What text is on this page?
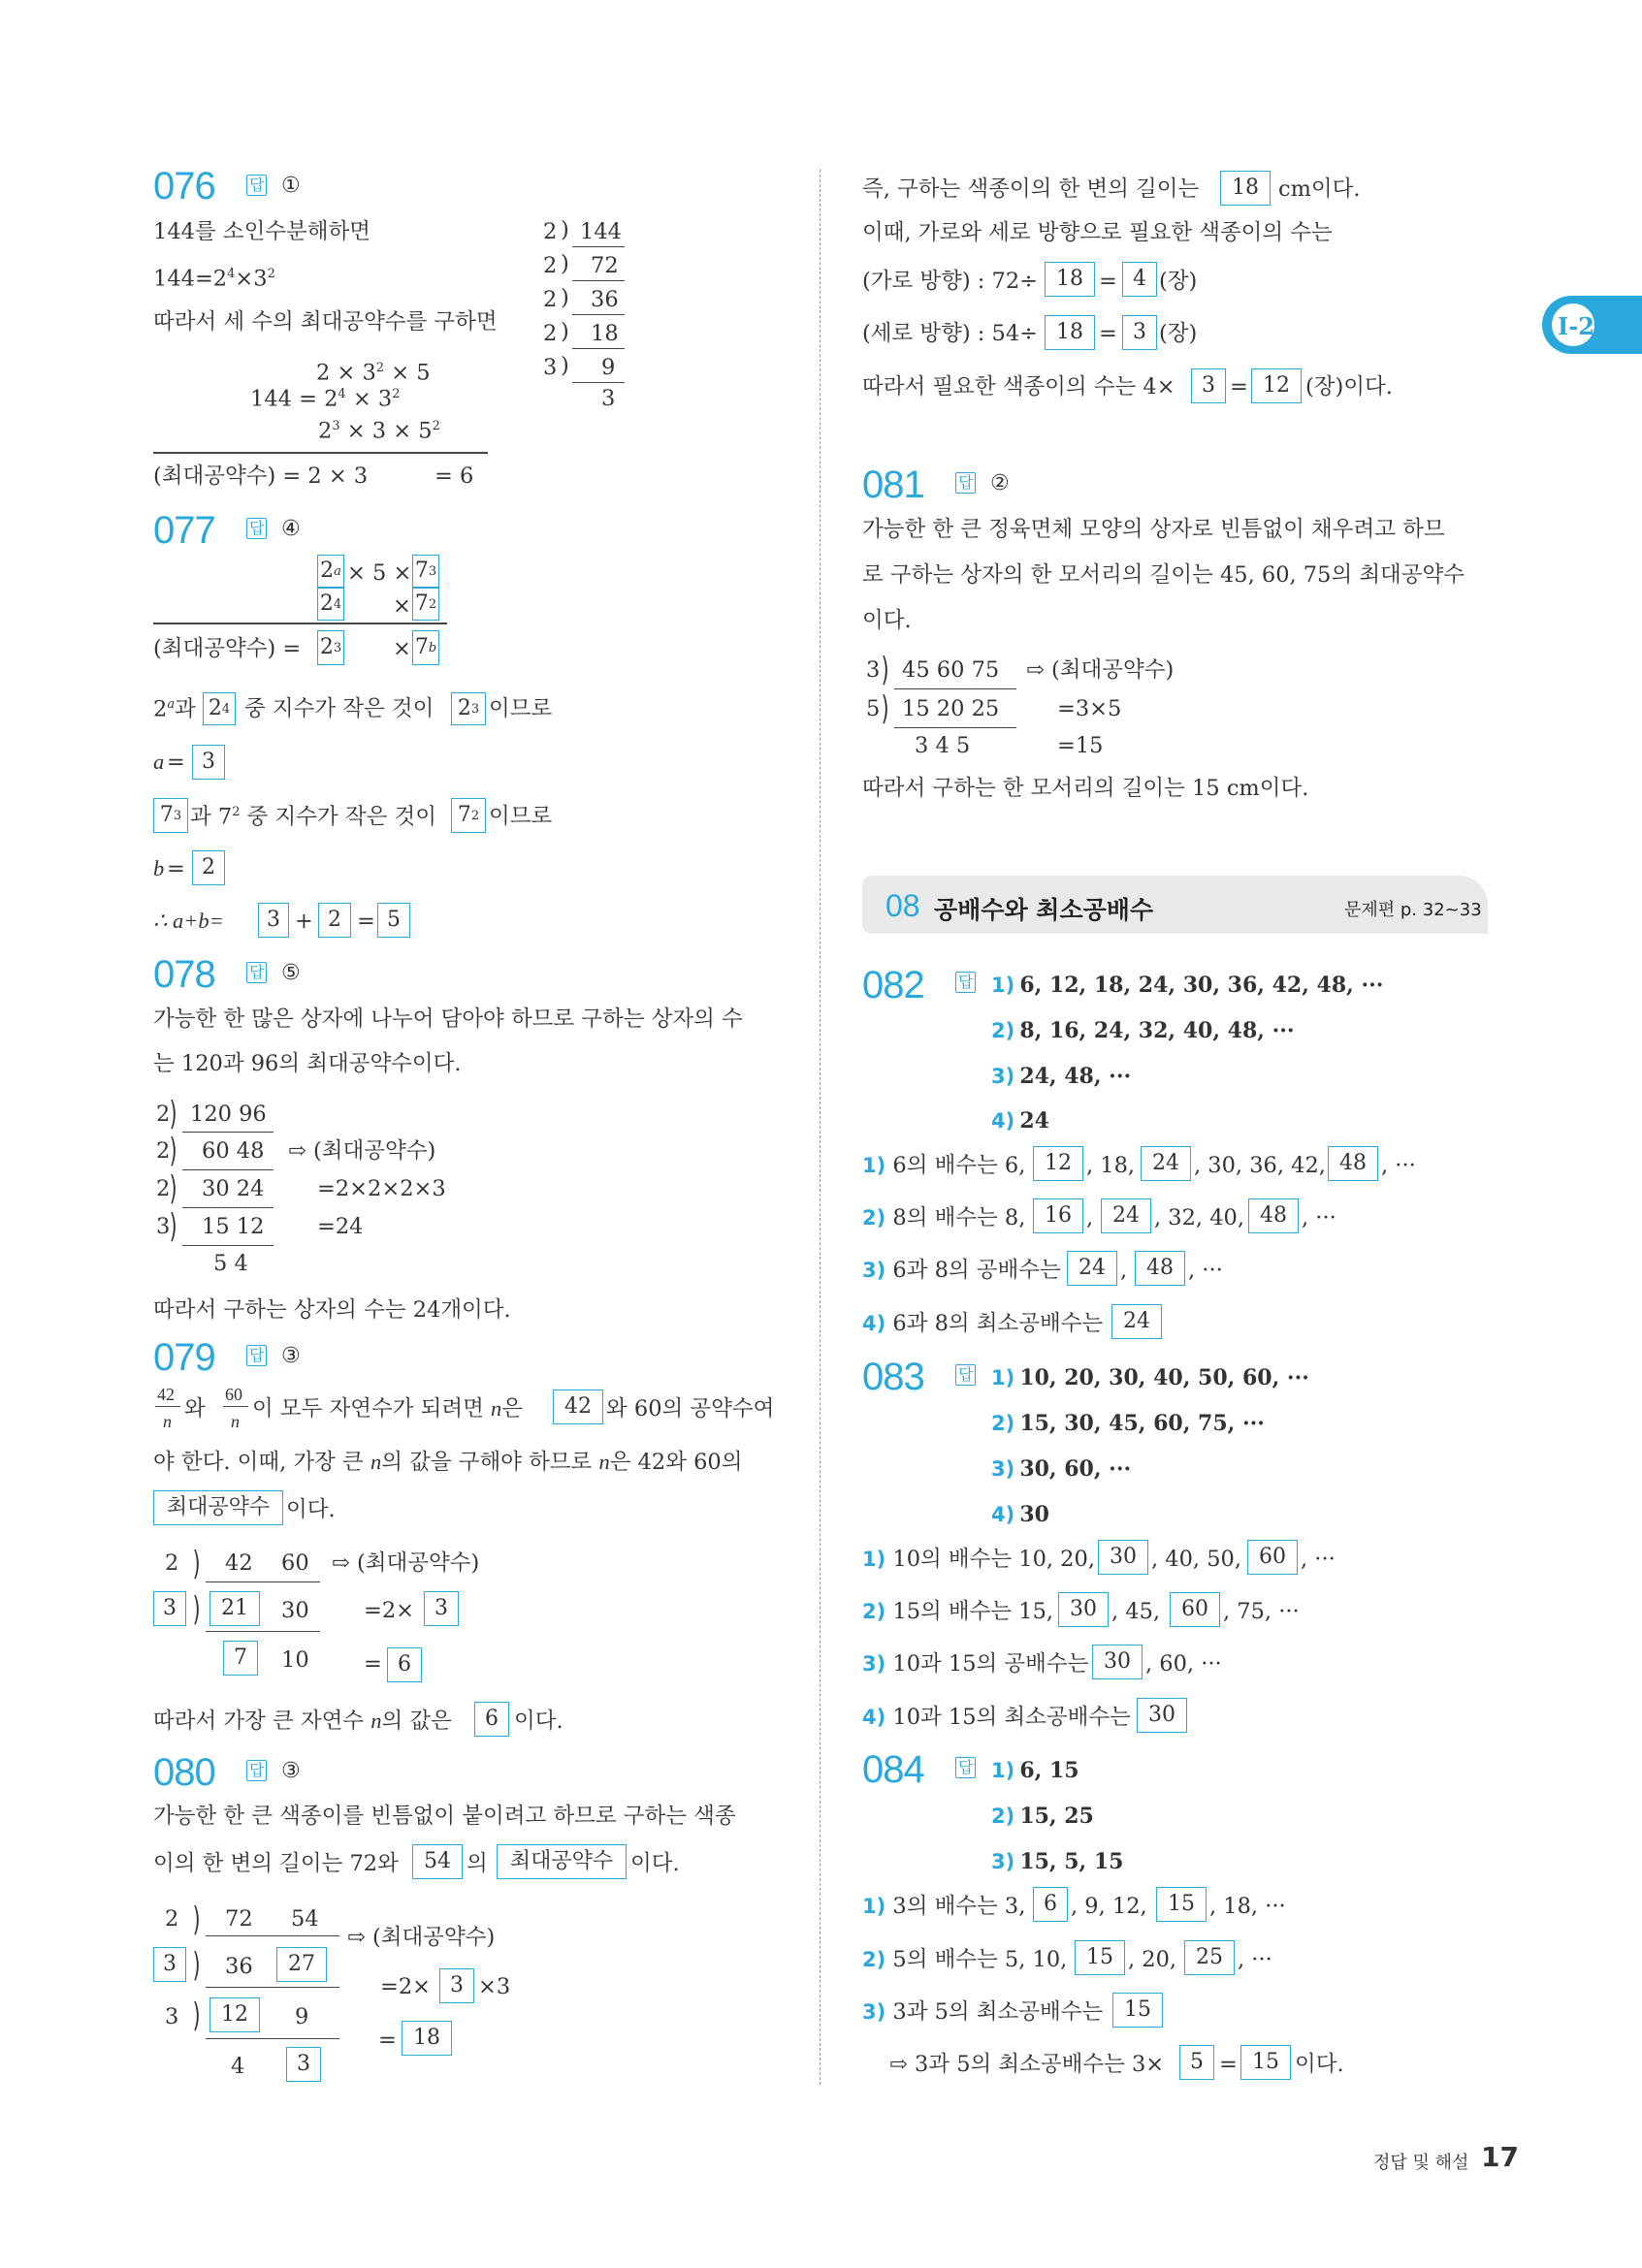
I-2
정답 및 해설 17
076 답 ①
144를 소인수분해하면
$144=2^4\times 3^2$
따라서 세 수의 최대공약수를 구하면
$2 \times 3^2 \times 5$
$144 = 2^4 \times 3^2$
$2^3 \times 3 \times 5^2$
(최대공약수) = 2 × 3	= 6
2 144
2 72
2 36
2 18
3 9
3
)
)
)
)
)
077 답 ④
2 a × 5 × 7 3
2 4 × 7 2
(최대공약수) = 2 3 × 7 b
2$^a$과 2 4 중 지수가 작은 것이 2 3 이므로
a = 3
7 3 과 $7^2$ 중 지수가 작은 것이 7 2 이므로
b = 2
∴ a+b=	3 + 2 = 5
078 답 ⑤
가능한 한 많은 상자에 나누어 담아야 하므로 구하는 상자의 수
는 120과 96의 최대공약수이다.
2 120 96
2 60 48
2 30 24
3 15 12
5 4
)
)
)
)
⇨ (최대공약수)
=2×2×2×3
=24
따라서 구하는 상자의 수는 24개이다.
079 답 ③
42
n 와
60
n 이 모두 자연수가 되려면 n은	42 와 60의 공약수여
야 한다. 이때, 가장 큰 n의 값을 구해야 하므로 n은 42와 60의
최대공약수 이다.
2 42 60 ⇨ (최대공약수)
)
3 ) 21	30	=2× 3
7	10	= 6
따라서 가장 큰 자연수 n의 값은	6 이다.
080 답 ③
가능한 한 큰 색종이를 빈틈없이 붙이려고 하므로 구하는 색종
이의 한 변의 길이는 72와	54 의	최대공약수 이다.
2 72 54
)	⇨ (최대공약수)
3 ) 36	27
=2× 3 ×3
3 ) 12	9
= 18
4	3
즉, 구하는 색종이의 한 변의 길이는	18 cm이다.
이때, 가로와 세로 방향으로 필요한 색종이의 수는
(가로 방향) : 72÷ 18 = 4 (장)
(세로 방향) : 54÷ 18 = 3 (장)
따라서 필요한 색종이의 수는 4×	3 = 12 (장)이다.
081 답 ②
가능한 한 큰 정육면체 모양의 상자로 빈틈없이 채우려고 하므
로 구하는 상자의 한 모서리의 길이는 45, 60, 75의 최대공약수
이다.
3 45 60 75
5 15 20 25
3 4 5
)
)
⇨ (최대공약수)
=3×5
=15
따라서 구하는 한 모서리의 길이는 15 cm이다.
08 공배수와 최소공배수	문제편 p. 32~33
082 답 1) 6, 12, 18, 24, 30, 36, 42, 48, ···
2) 8, 16, 24, 32, 40, 48, ···
3) 24, 48, ···
4) 24
1) 6의 배수는 6, 12 , 18, 24 , 30, 36, 42, 48 , ···
2) 8의 배수는 8, 16 , 24 , 32, 40, 48 , ···
3) 6과 8의 공배수는 24 , 48 , ···
4) 6과 8의 최소공배수는 24
083 답 1) 10, 20, 30, 40, 50, 60, ···
2) 15, 30, 45, 60, 75, ···
3) 30, 60, ···
4) 30
1) 10의 배수는 10, 20, 30 , 40, 50, 60 , ···
2) 15의 배수는 15, 30 , 45, 60 , 75, ···
3) 10과 15의 공배수는 30 , 60, ···
4) 10과 15의 최소공배수는 30
084 답 1) 6, 15
2) 15, 25
3) 15, 5, 15
1) 3의 배수는 3, 6 , 9, 12, 15 , 18, ···
2) 5의 배수는 5, 10, 15 , 20, 25 , ···
3) 3과 5의 최소공배수는 15
⇨ 3과 5의 최소공배수는 3×	5 = 15 이다.
